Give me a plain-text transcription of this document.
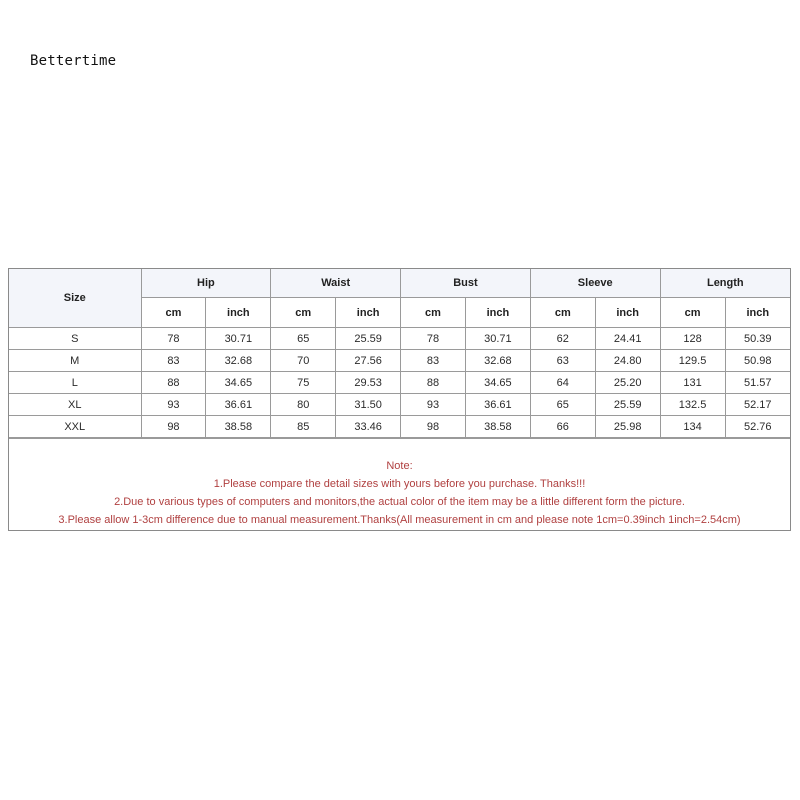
Bettertime
Size	Hip		Waist		Bust		Sleeve		Length	
	cm	inch	cm	inch	cm	inch	cm	inch	cm	inch
S	78	30.71	65	25.59	78	30.71	62	24.41	128	50.39
M	83	32.68	70	27.56	83	32.68	63	24.80	129.5	50.98
L	88	34.65	75	29.53	88	34.65	64	25.20	131	51.57
XL	93	36.61	80	31.50	93	36.61	65	25.59	132.5	52.17
XXL	98	38.58	85	33.46	98	38.58	66	25.98	134	52.76
Note:
1.Please compare the detail sizes with yours before you purchase. Thanks!!!
2.Due to various types of computers and monitors,the actual color of the item may be a little different form the picture.
3.Please allow 1-3cm difference due to manual measurement.Thanks(All measurement in cm and please note 1cm=0.39inch 1inch=2.54cm)
